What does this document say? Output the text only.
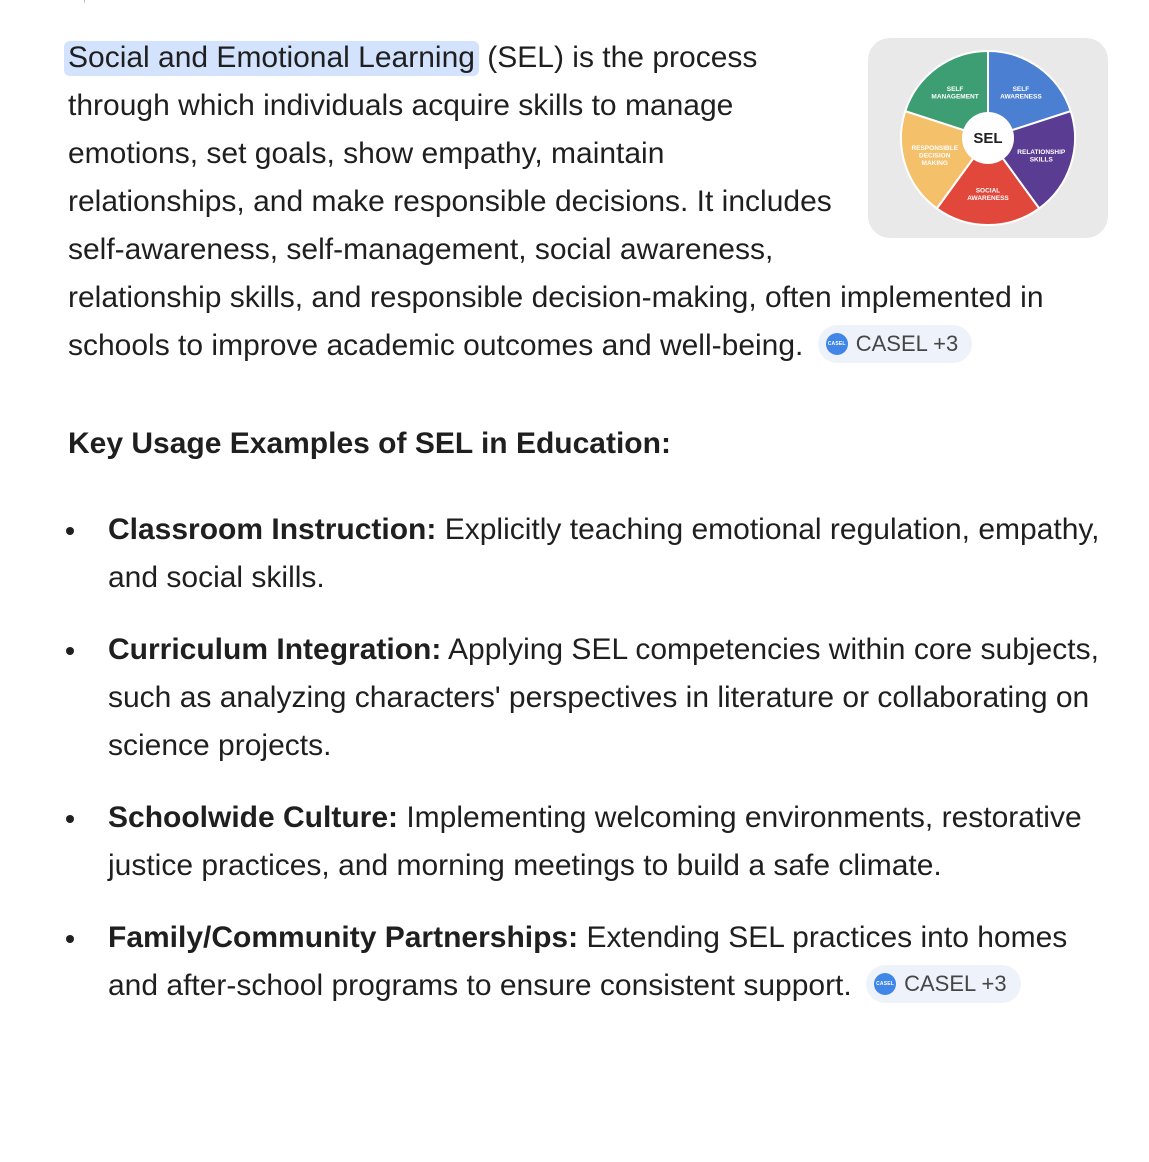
SELF AWARENESS
RELATIONSHIP SKILLS
SOCIAL AWARENESS
RESPONSIBLE DECISION MAKING
SELF MANAGEMENT
SEL

Social and Emotional Learning (SEL) is the process through which individuals acquire skills to manage emotions, set goals, show empathy, maintain relationships, and make responsible decisions. It includes self-awareness, self-management, social awareness, relationship skills, and responsible decision-making, often implemented in schools to improve academic outcomes and well-being.	CASEL CASEL +3

Key Usage Examples of SEL in Education:
Classroom Instruction: Explicitly teaching emotional regulation, empathy, and social skills.
Curriculum Integration: Applying SEL competencies within core subjects, such as analyzing characters' perspectives in literature or collaborating on science projects.
Schoolwide Culture: Implementing welcoming environments, restorative justice practices, and morning meetings to build a safe climate.
Family/Community Partnerships: Extending SEL practices into homes and after-school programs to ensure consistent support.	CASEL CASEL +3
